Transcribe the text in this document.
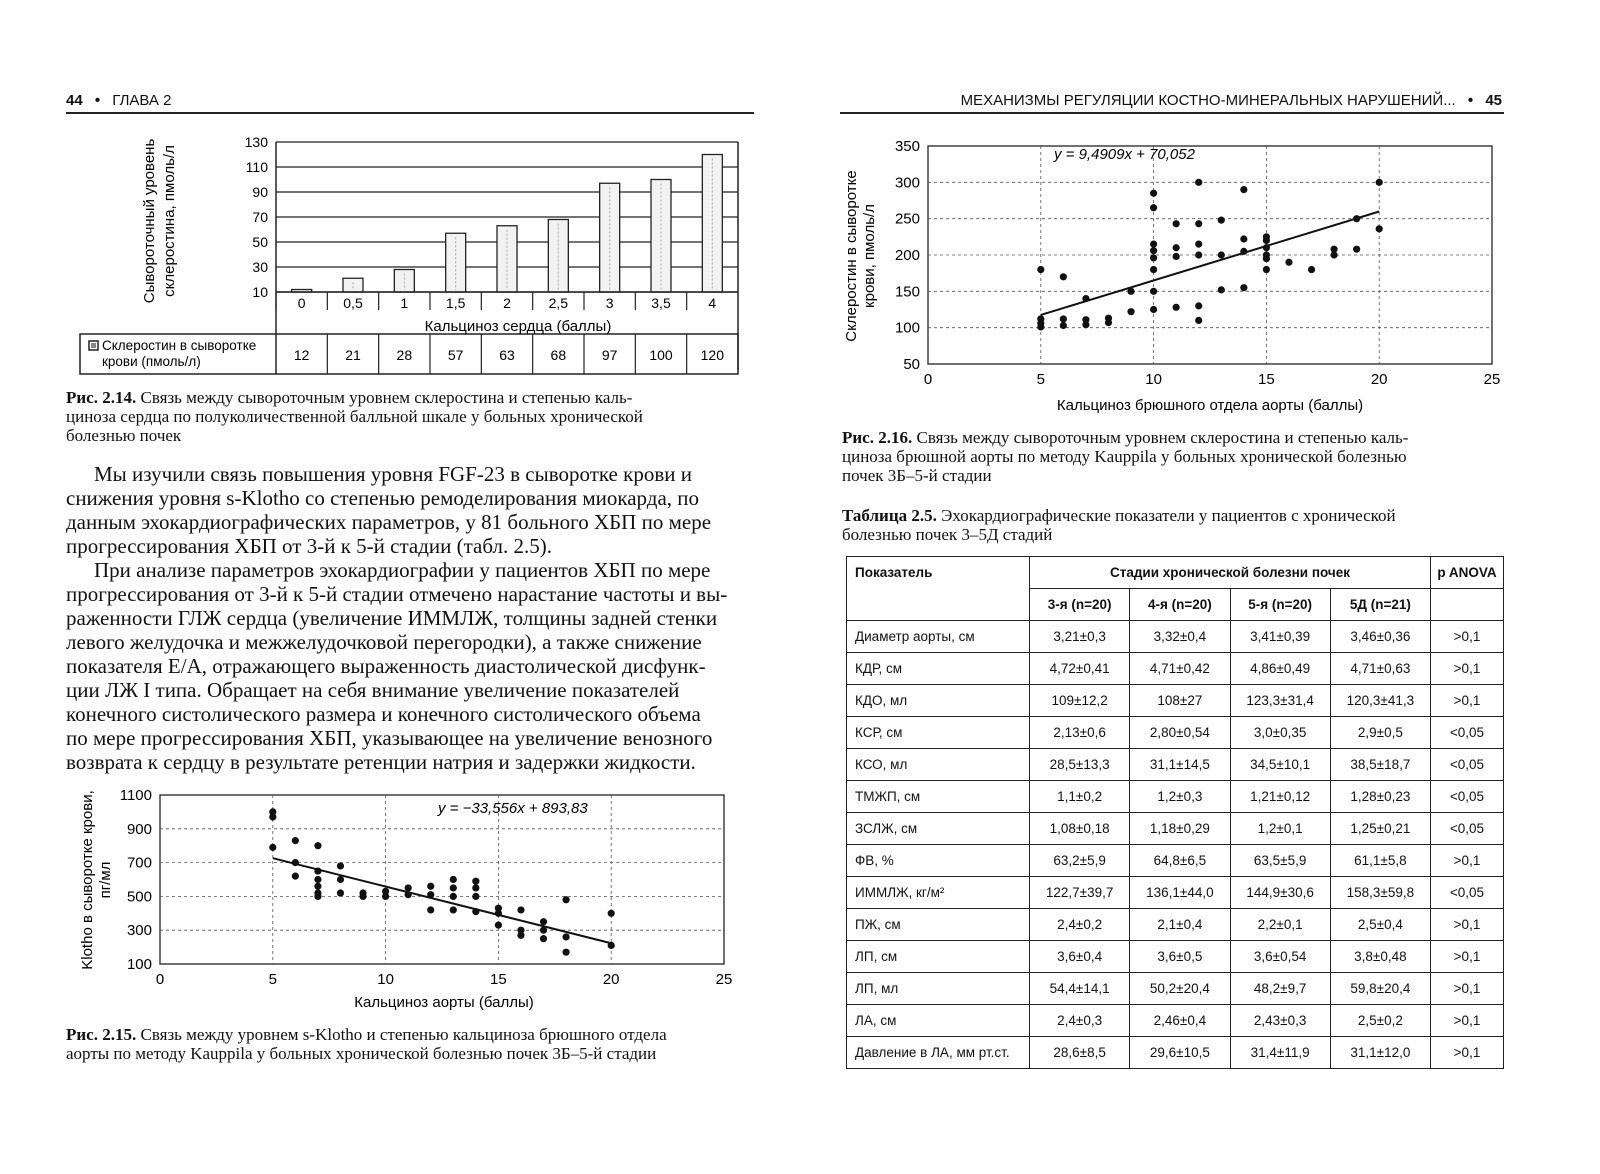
44 • ГЛАВА 2
10
30
50
70
90
110
130
0	0,5	1	1,5	2	2,5	3	3,5	4
12	21	28	57	63	68	97 100 120
Сывороточный уровень склеростина, пмоль/л
Кальциноз сердца (баллы)
Склеростин в сыворотке
крови (пмоль/л)
Рис. 2.14. Связь между сывороточным уровнем склеростина и степенью каль-
циноза сердца по полуколичественной балльной шкале у больных хронической
болезнью почек

Мы изучили связь повышения уровня FGF-23 в сыворотке крови и

снижения уровня s-Klotho со степенью ремоделирования миокарда, по
данным эхокардиографических параметров, у 81 больного ХБП по мере
прогрессирования ХБП от 3-й к 5-й стадии (табл. 2.5).

При анализе параметров эхокардиографии у пациентов ХБП по мере

прогрессирования от 3-й к 5-й стадии отмечено нарастание частоты и вы-
раженности ГЛЖ сердца (увеличение ИММЛЖ, толщины задней стенки
левого желудочка и межжелудочковой перегородки), а также снижение
показателя Е/А, отражающего выраженность диастолической дисфунк-
ции ЛЖ I типа. Обращает на себя внимание увеличение показателей
конечного систолического размера и конечного систолического объема
по мере прогрессирования ХБП, указывающее на увеличение венозного
возврата к сердцу в результате ретенции натрия и задержки жидкости.
100
300
500
700
900
1100
0	5	10	15	20	25
Klotho в сыворотке крови, пг/мл
Кальциноз аорты (баллы)
y = −33,556x + 893,83
Рис. 2.15. Связь между уровнем s-Klotho и степенью кальциноза брюшного отдела
аорты по методу Kauppila у больных хронической болезнью почек 3Б–5-й стадии
МЕХАНИЗМЫ РЕГУЛЯЦИИ КОСТНО-МИНЕРАЛЬНЫХ НАРУШЕНИЙ... • 45
50
100
150
200
250
300
350
0	5	10	15	20	25
Склеростин в сыворотке крови, пмоль/л
Кальциноз брюшного отдела аорты (баллы)
y = 9,4909x + 70,052
Рис. 2.16. Связь между сывороточным уровнем склеростина и степенью каль-
циноза брюшной аорты по методу Kauppila у больных хронической болезнью
почек 3Б–5-й стадии
Таблица 2.5. Эхокардиографические показатели у пациентов с хронической
болезнью почек 3–5Д стадий
Показатель	Стадии хронической болезни почек				p ANOVA
	3-я (n=20)	4-я (n=20)	5-я (n=20)	5Д (n=21)	
Диаметр аорты, см	3,21±0,3	3,32±0,4	3,41±0,39	3,46±0,36	>0,1
КДР, см	4,72±0,41	4,71±0,42	4,86±0,49	4,71±0,63	>0,1
КДО, мл	109±12,2	108±27	123,3±31,4	120,3±41,3	>0,1
КСР, см	2,13±0,6	2,80±0,54	3,0±0,35	2,9±0,5	<0,05
КСО, мл	28,5±13,3	31,1±14,5	34,5±10,1	38,5±18,7	<0,05
ТМЖП, см	1,1±0,2	1,2±0,3	1,21±0,12	1,28±0,23	<0,05
ЗСЛЖ, см	1,08±0,18	1,18±0,29	1,2±0,1	1,25±0,21	<0,05
ФВ, %	63,2±5,9	64,8±6,5	63,5±5,9	61,1±5,8	>0,1
ИММЛЖ, кг/м²	122,7±39,7	136,1±44,0	144,9±30,6	158,3±59,8	<0,05
ПЖ, см	2,4±0,2	2,1±0,4	2,2±0,1	2,5±0,4	>0,1
ЛП, см	3,6±0,4	3,6±0,5	3,6±0,54	3,8±0,48	>0,1
ЛП, мл	54,4±14,1	50,2±20,4	48,2±9,7	59,8±20,4	>0,1
ЛА, см	2,4±0,3	2,46±0,4	2,43±0,3	2,5±0,2	>0,1
Давление в ЛА, мм рт.ст.	28,6±8,5	29,6±10,5	31,4±11,9	31,1±12,0	>0,1
